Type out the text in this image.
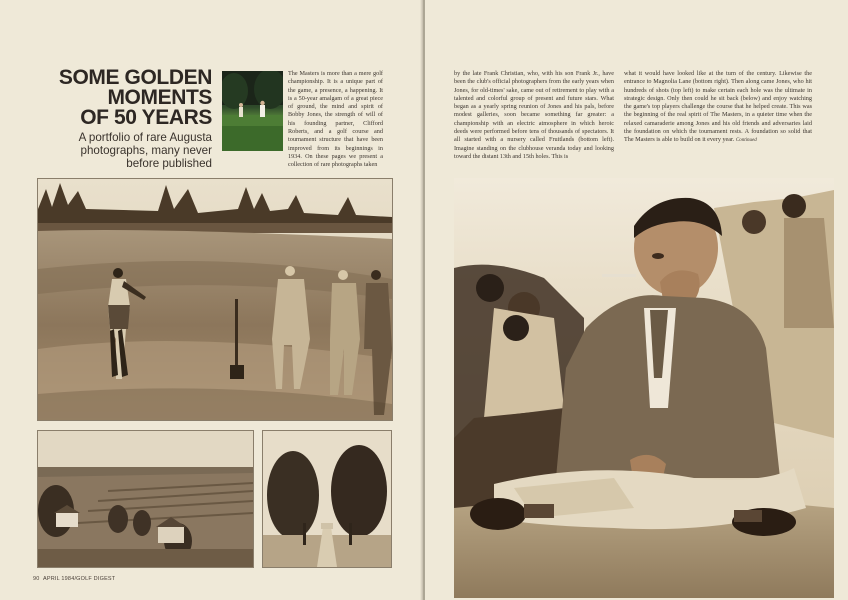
SOME GOLDEN
MOMENTS
OF 50 YEARS
A portfolio of rare Augusta
photographs, many never
before published

The Masters is more than a mere golf championship. It is a unique part of the game, a presence, a happening. It is a 50-year amalgam of a great piece of ground, the mind and spirit of Bobby Jones, the strength of will of his founding partner, Clifford Roberts, and a golf course and tournament structure that have been improved from its beginnings in 1934. On these pages we present a collection of rare photographs taken

90 APRIL 1984/GOLF DIGEST

by the late Frank Christian, who, with his son Frank Jr., have been the club's official photographers from the early years when Jones, for old-times' sake, came out of retirement to play with a talented and colorful group of present and future stars. What began as a yearly spring reunion of Jones and his pals, before modest galleries, soon became something far greater: a championship with an electric atmosphere in which heroic deeds were performed before tens of thousands of spectators. It all started with a nursery called Fruitlands (bottom left). Imagine standing on the clubhouse veranda today and looking toward the distant 13th and 15th holes. This is

what it would have looked like at the turn of the century. Likewise the entrance to Magnolia Lane (bottom right). Then along came Jones, who hit hundreds of shots (top left) to make certain each hole was the ultimate in strategic design. Only then could he sit back (below) and enjoy watching the game's top players challenge the course that he helped create. This was the beginning of the real spirit of The Masters, in a quieter time when the relaxed camaraderie among Jones and his old friends and adversaries laid the foundation on which the tournament rests. A foundation so solid that The Masters is able to build on it every year. Continued
